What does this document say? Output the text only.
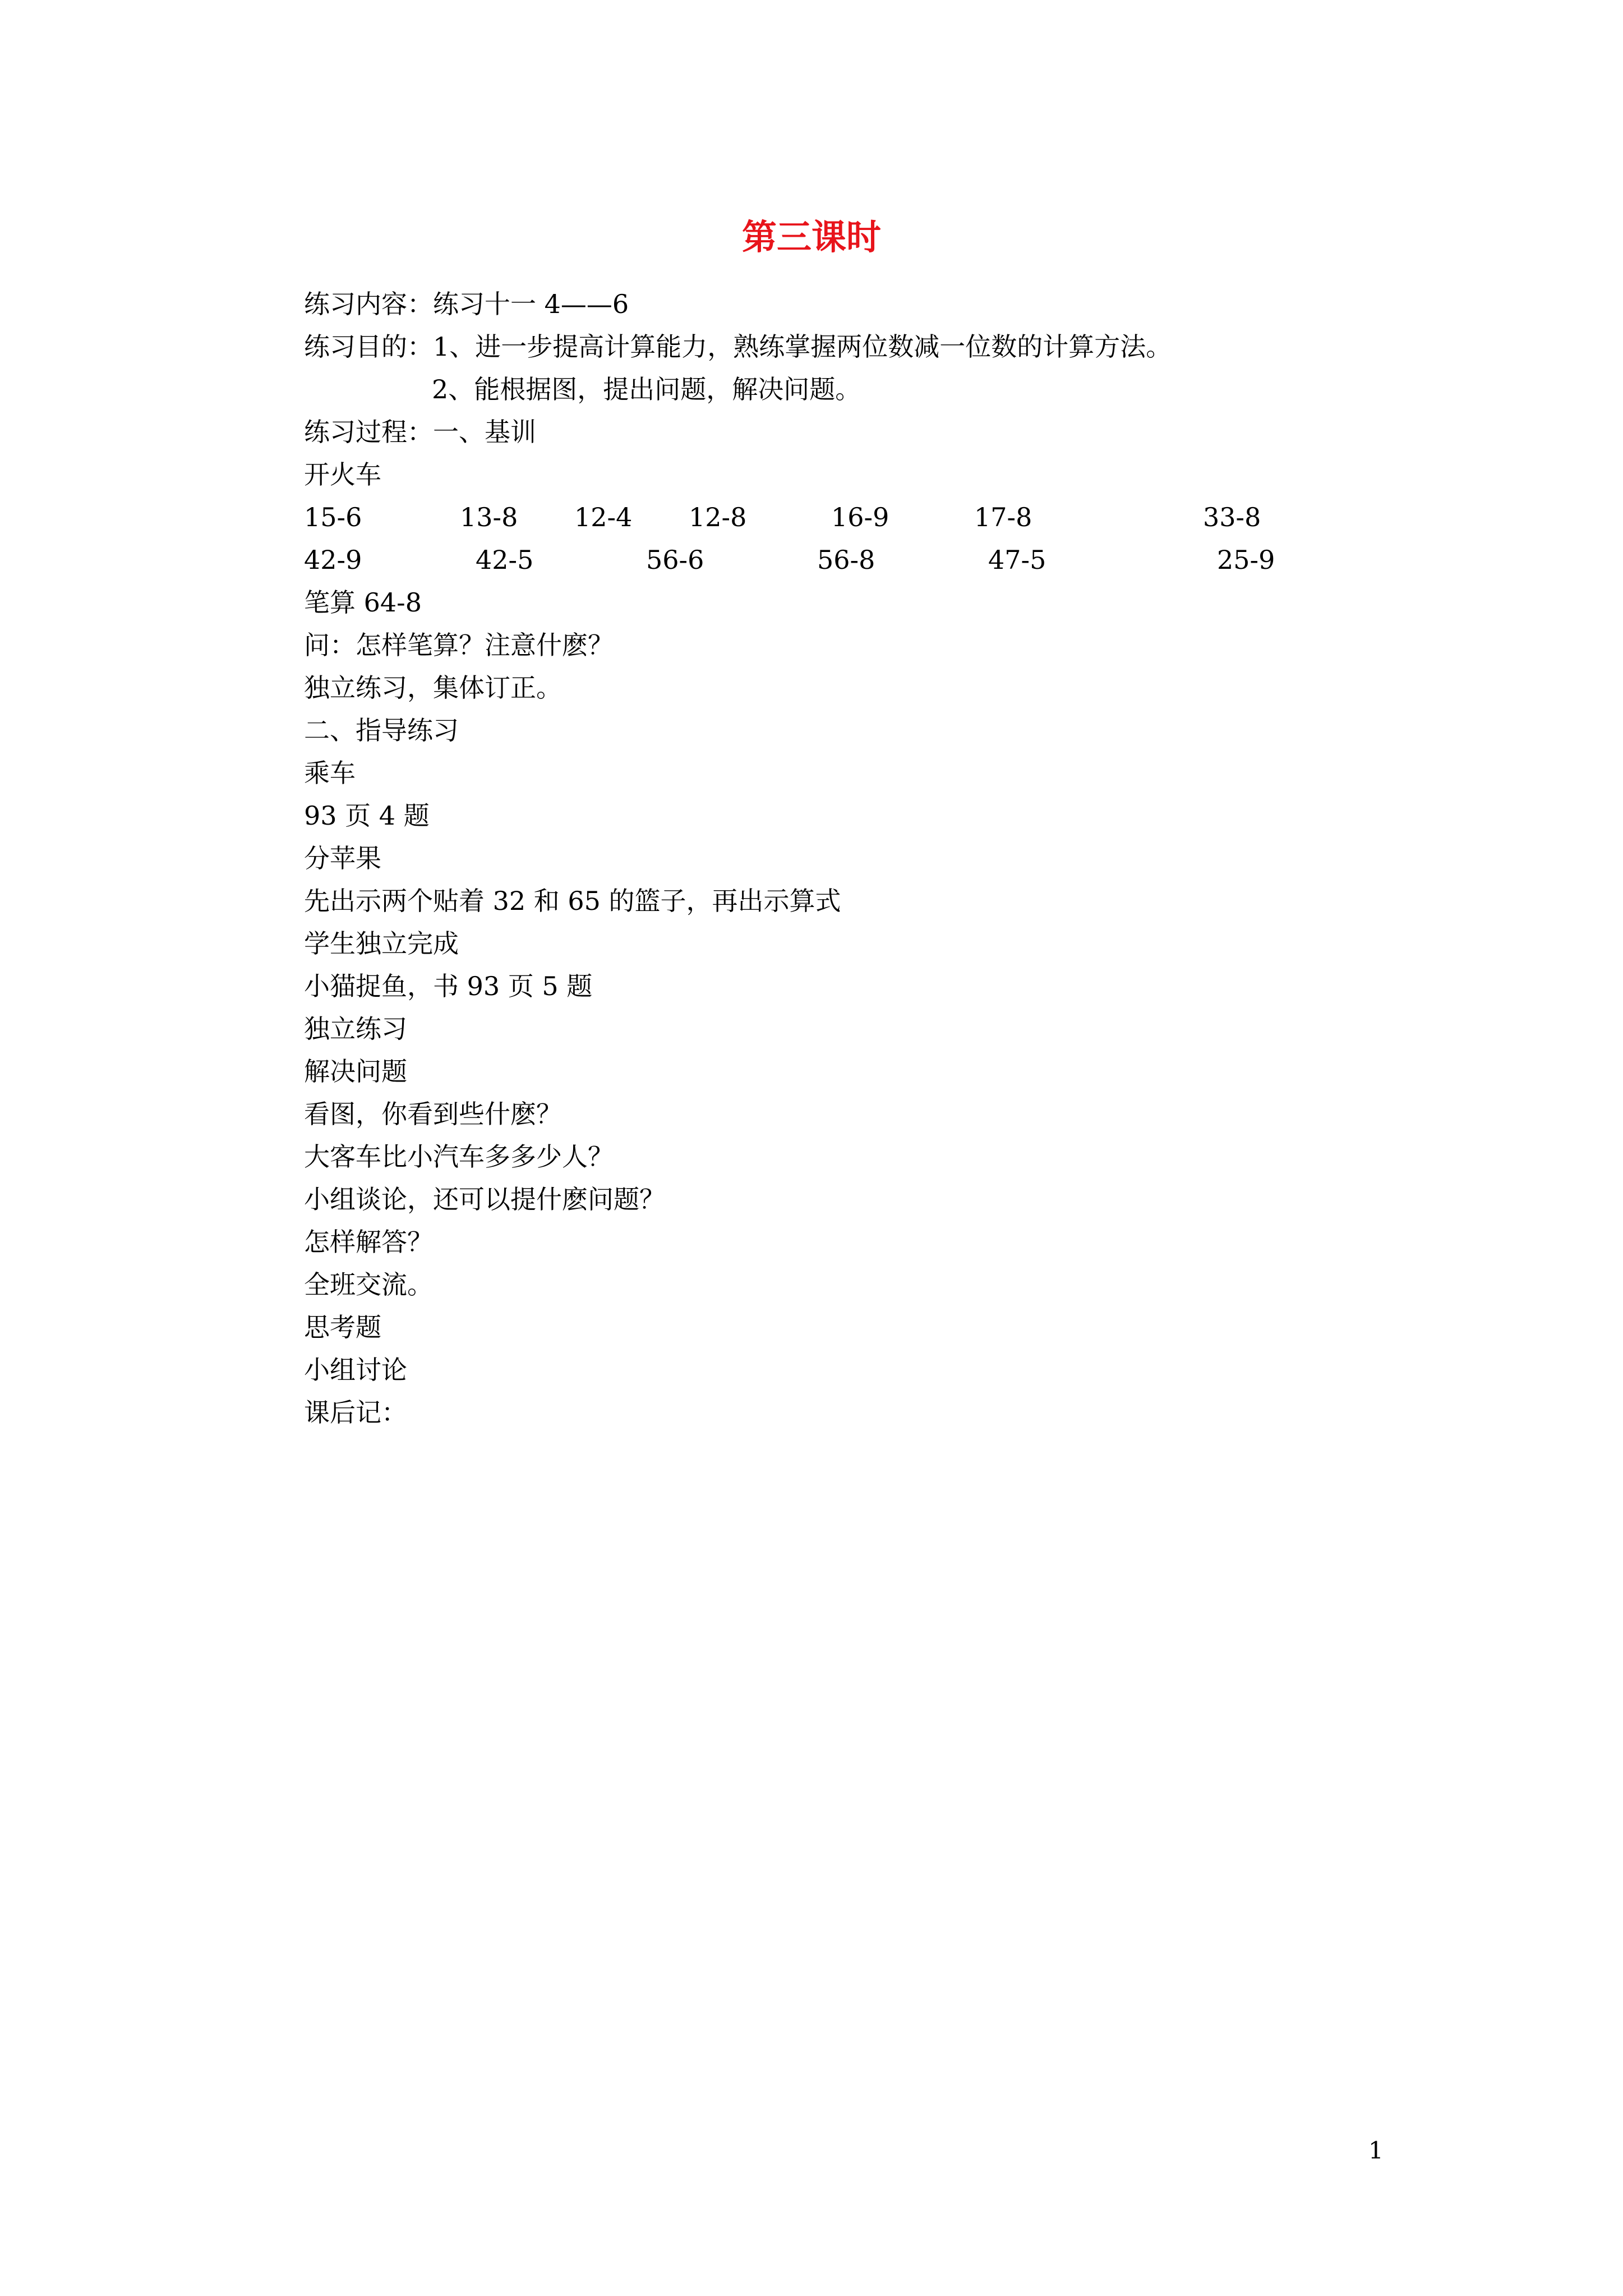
第三课时
练习内容：练习十一 4——6
练习目的：1、进一步提高计算能力，熟练掌握两位数减一位数的计算方法。
2、能根据图，提出问题，解决问题。
练习过程：一、基训
开火车
15-6	13-8 12-4 12-8	16-9	17-8	33-8
42-9	42-5	56-6	56-8	47-5	25-9
笔算 64-8
问：怎样笔算？注意什麽？
独立练习，集体订正。
二、指导练习
乘车
93 页 4 题
分苹果
先出示两个贴着 32 和 65 的篮子，再出示算式
学生独立完成
小猫捉鱼，书 93 页 5 题
独立练习
解决问题
看图，你看到些什麽？
大客车比小汽车多多少人？
小组谈论，还可以提什麽问题？
怎样解答？
全班交流。
思考题
小组讨论
课后记：
1
